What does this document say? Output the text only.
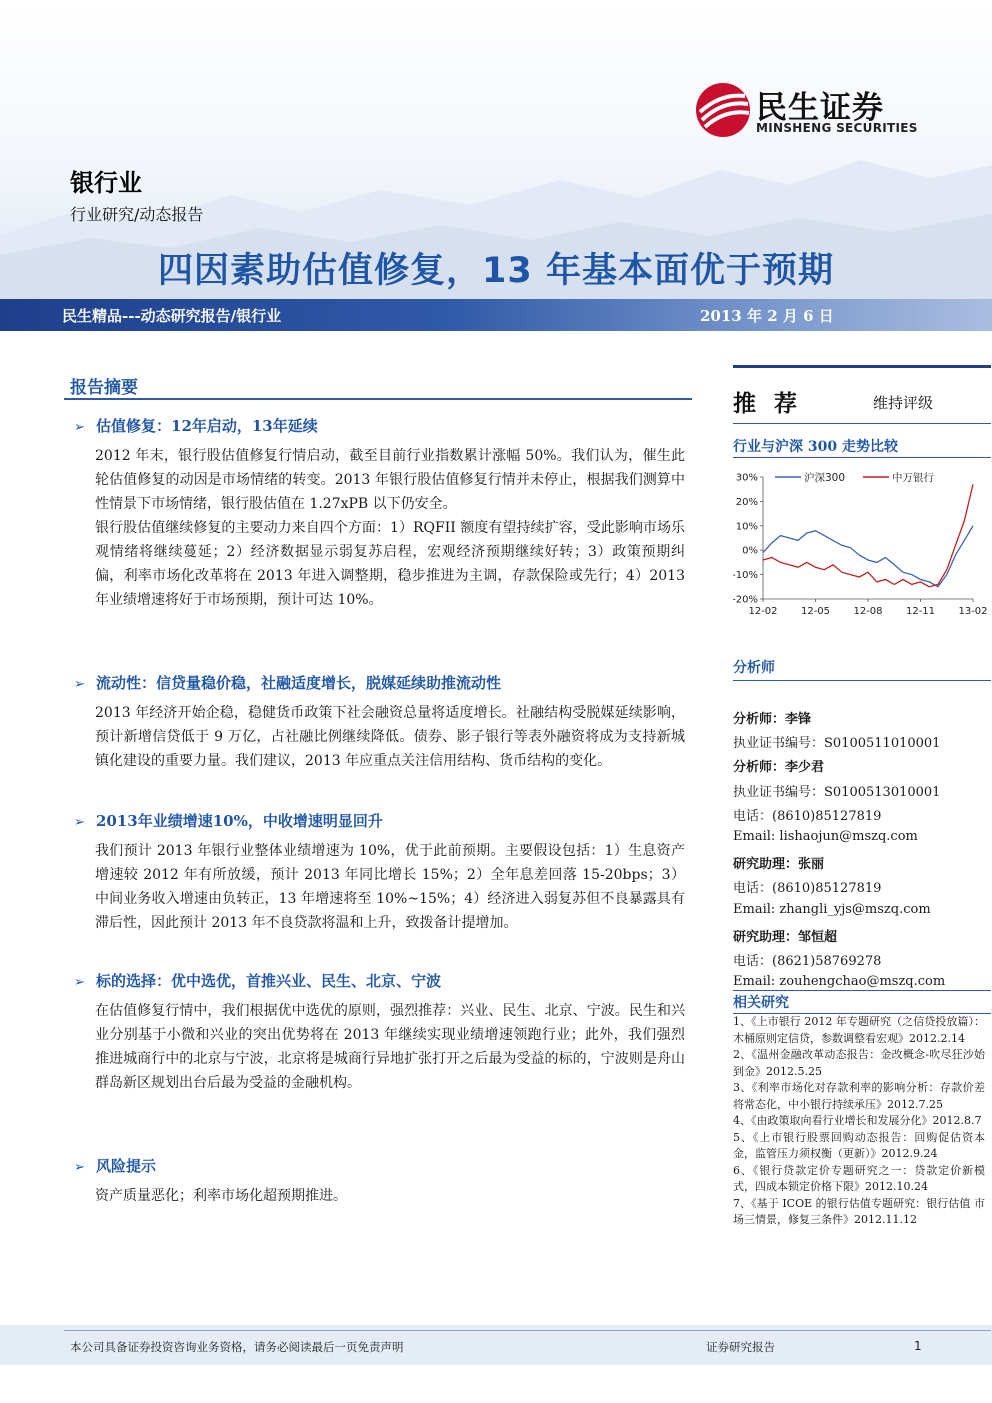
民生证券
MINSHENG SECURITIES
银行业
行业研究/动态报告
四因素助估值修复，13 年基本面优于预期
民生精品---动态研究报告/银行业	2013 年 2 月 6 日
报告摘要
➢ 估值修复：12年启动，13年延续

2012 年末，银行股估值修复行情启动，截至目前行业指数累计涨幅 50%。我们认为，催生此轮估值修复的动因是市场情绪的转变。2013 年银行股估值修复行情并未停止，根据我们测算中性情景下市场情绪，银行股估值在 1.27xPB 以下仍安全。

银行股估值继续修复的主要动力来自四个方面：1）RQFII 额度有望持续扩容，受此影响市场乐观情绪将继续蔓延；2）经济数据显示弱复苏启程，宏观经济预期继续好转；3）政策预期纠偏，利率市场化改革将在 2013 年进入调整期，稳步推进为主调，存款保险或先行；4）2013 年业绩增速将好于市场预期，预计可达 10%。

➢ 流动性：信贷量稳价稳，社融适度增长，脱媒延续助推流动性

2013 年经济开始企稳，稳健货币政策下社会融资总量将适度增长。社融结构受脱媒延续影响，预计新增信贷低于 9 万亿，占社融比例继续降低。债券、影子银行等表外融资将成为支持新城镇化建设的重要力量。我们建议，2013 年应重点关注信用结构、货币结构的变化。

➢ 2013年业绩增速10%，中收增速明显回升

我们预计 2013 年银行业整体业绩增速为 10%，优于此前预期。主要假设包括：1）生息资产增速较 2012 年有所放缓，预计 2013 年同比增长 15%；2）全年息差回落 15-20bps；3）中间业务收入增速由负转正，13 年增速将至 10%~15%；4）经济进入弱复苏但不良暴露具有滞后性，因此预计 2013 年不良贷款将温和上升，致拨备计提增加。

➢ 标的选择：优中选优，首推兴业、民生、北京、宁波

在估值修复行情中，我们根据优中选优的原则，强烈推荐：兴业、民生、北京、宁波。民生和兴业分别基于小微和兴业的突出优势将在 2013 年继续实现业绩增速领跑行业；此外，我们强烈推进城商行中的北京与宁波，北京将是城商行异地扩张打开之后最为受益的标的，宁波则是舟山群岛新区规划出台后最为受益的金融机构。

➢ 风险提示

资产质量恶化；利率市场化超预期推进。

推荐	维持评级
行业与沪深 300 走势比较
30%
20%
10%
0%
-10%
-20%
12-02 12-05 12-08 12-11 13-02
沪深300	中万银行
分析师
分析师：李锋
执业证书编号：S0100511010001
分析师：李少君
执业证书编号：S0100513010001
电话：(8610)85127819
Email: lishaojun@mszq.com
研究助理：张丽
电话：(8610)85127819
Email: zhangli_yjs@mszq.com
研究助理：邹恒超
电话：(8621)58769278
Email: zouhengchao@mszq.com
相关研究
1、《上市银行 2012 年专题研究（之信贷投放篇）：木桶原则定信贷，参数调整看宏观》2012.2.14
2、《温州金融改革动态报告：金改概念-吹尽狂沙始到金》2012.5.25
3、《利率市场化对存款利率的影响分析：存款价差将常态化，中小银行持续承压》2012.7.25
4、《由政策取向看行业增长和发展分化》2012.8.7
5、《上市银行股票回购动态报告：回购促估资本金，监管压力须权衡（更新）》2012.9.24
6、《银行贷款定价专题研究之一：贷款定价新模式，四成本锁定价格下限》2012.10.24
7、《基于 ICOE 的银行估值专题研究：银行估值 市场三情景，修复三条件》2012.11.12
本公司具备证券投资咨询业务资格，请务必阅读最后一页免责声明	证券研究报告	1
